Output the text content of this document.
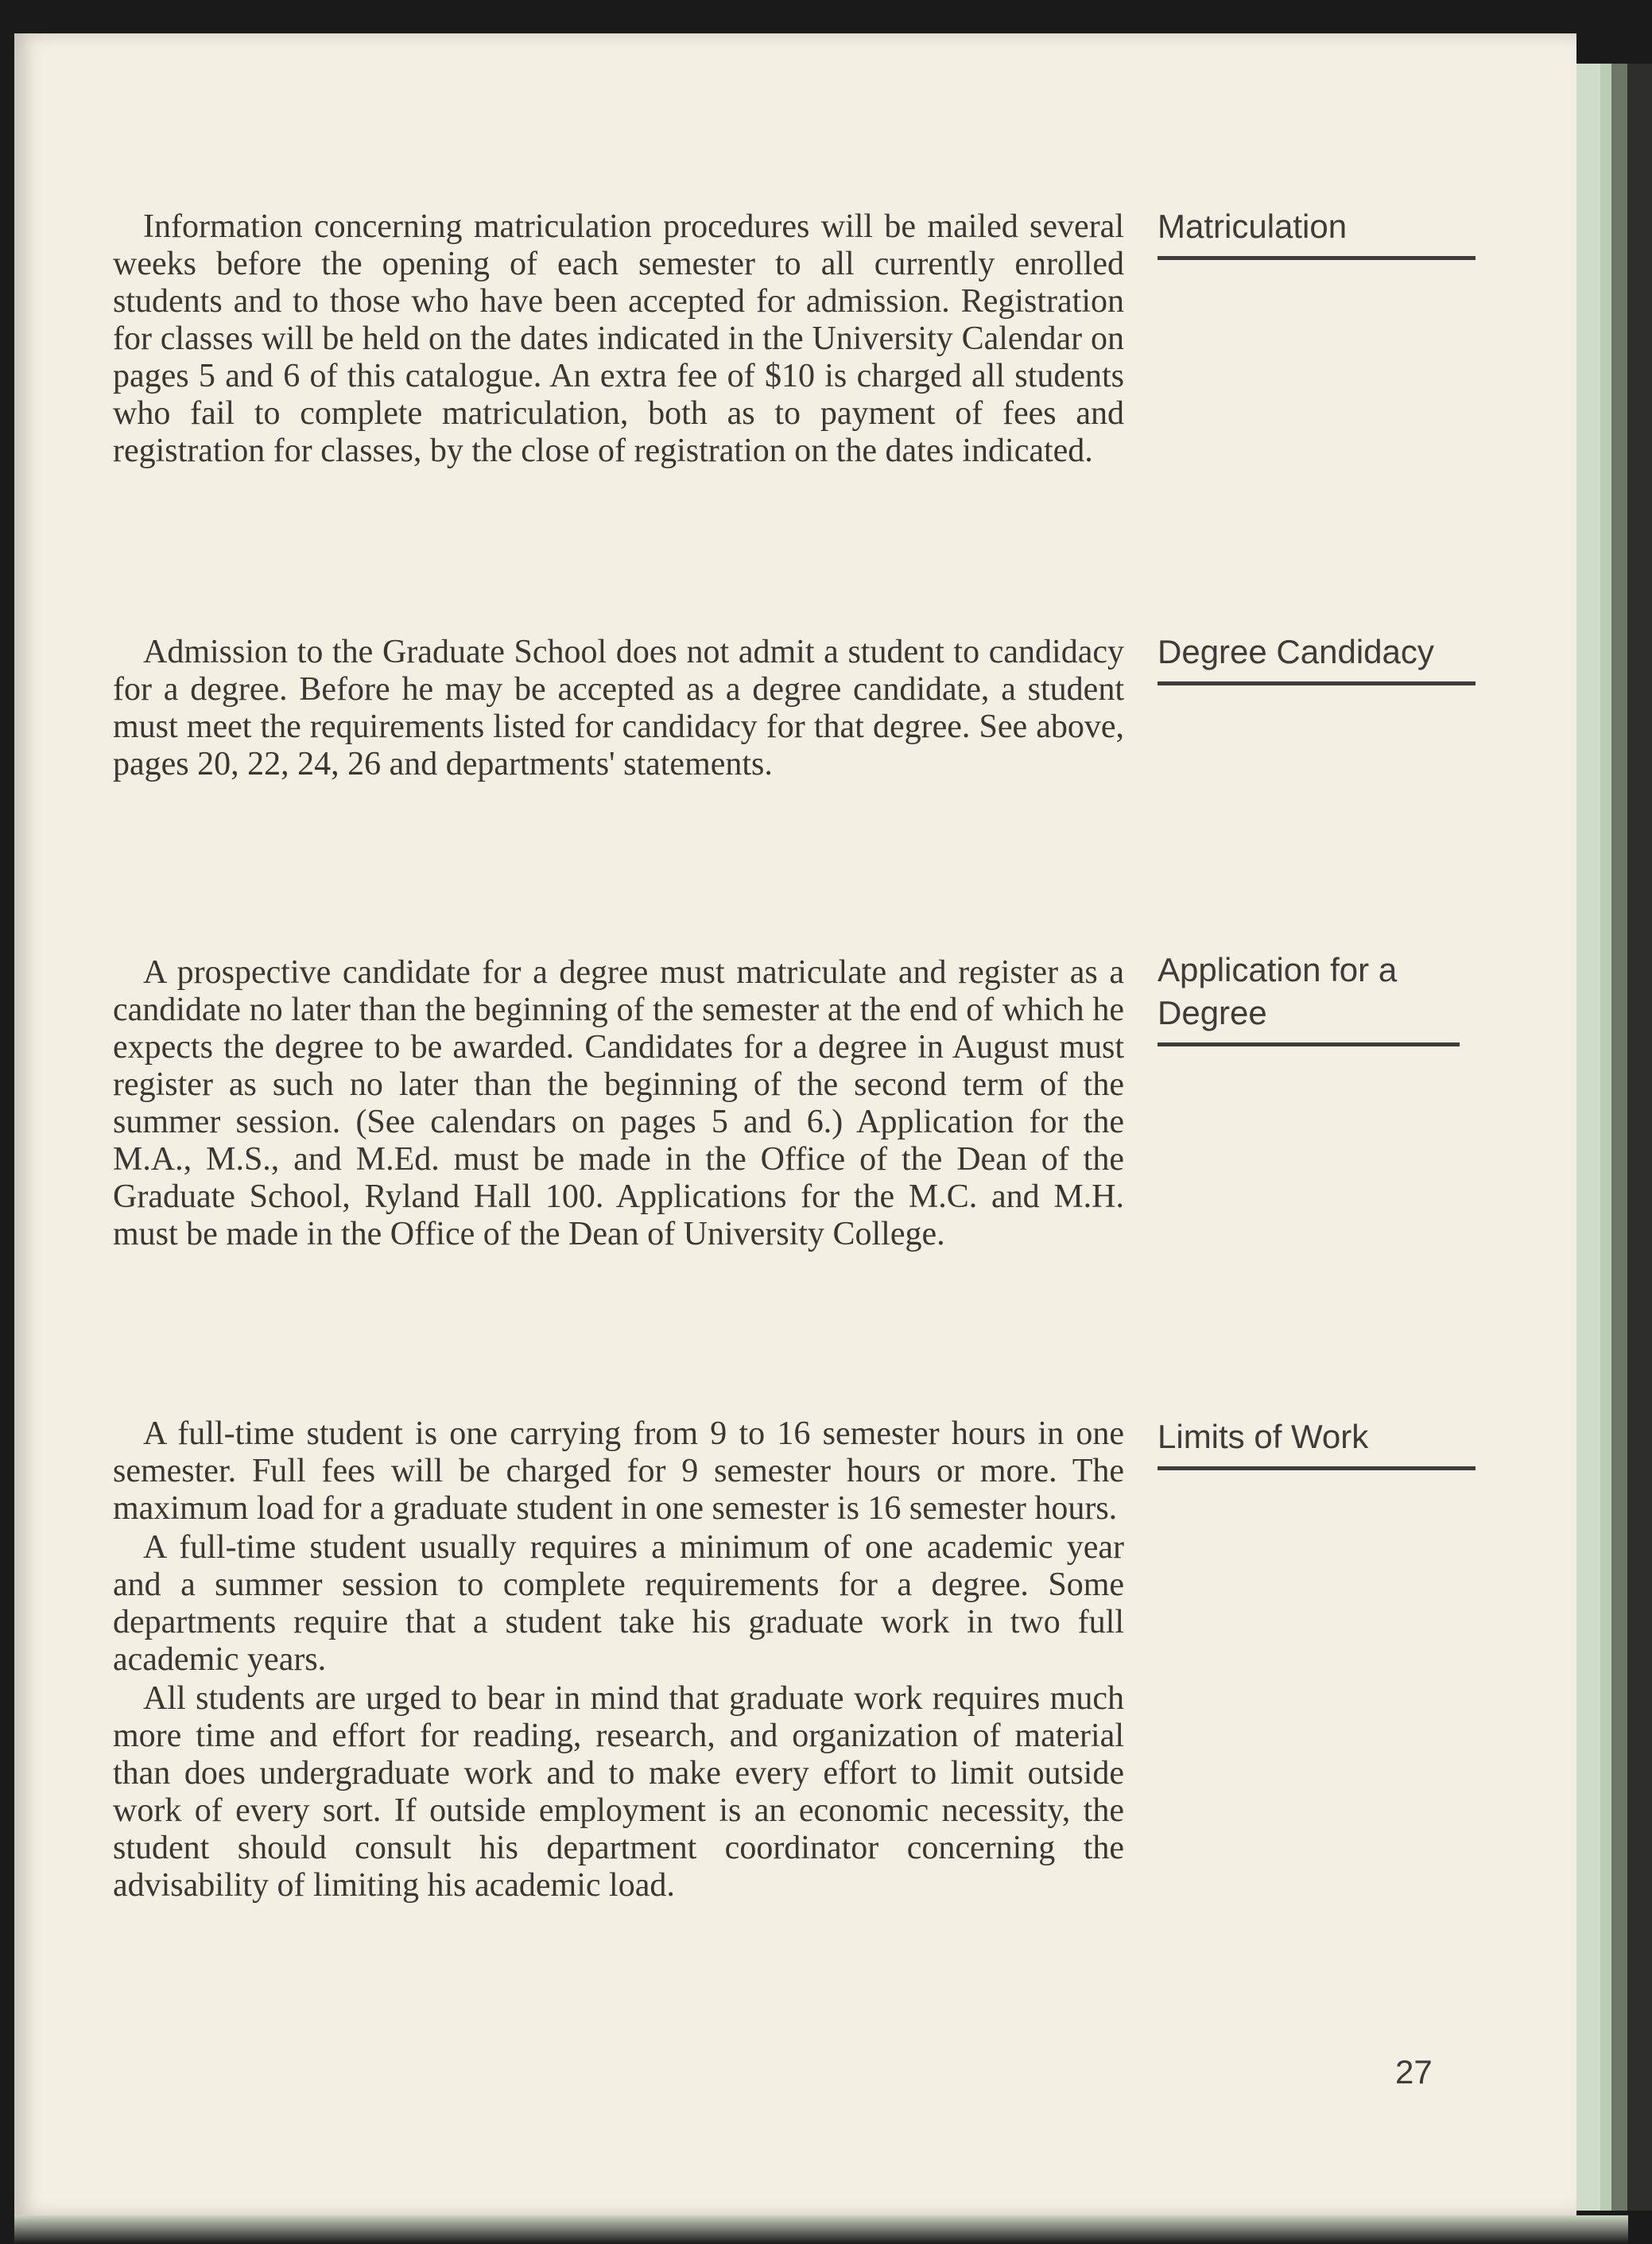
Information concerning matriculation procedures will be mailed several weeks before the opening of each semester to all currently enrolled students and to those who have been accepted for admission. Registration for classes will be held on the dates indicated in the University Calendar on pages 5 and 6 of this catalogue. An extra fee of $10 is charged all students who fail to complete matriculation, both as to payment of fees and registration for classes, by the close of registration on the dates indicated.

Matriculation

Admission to the Graduate School does not admit a student to candidacy for a degree. Before he may be accepted as a degree candidate, a student must meet the requirements listed for candidacy for that degree. See above, pages 20, 22, 24, 26 and departments' statements.

Degree Candidacy

A prospective candidate for a degree must matriculate and register as a candidate no later than the beginning of the semester at the end of which he expects the degree to be awarded. Candidates for a degree in August must register as such no later than the beginning of the second term of the summer session. (See calendars on pages 5 and 6.) Application for the M.A., M.S., and M.Ed. must be made in the Office of the Dean of the Graduate School, Ryland Hall 100. Applications for the M.C. and M.H. must be made in the Office of the Dean of University College.

Application for a Degree

A full-time student is one carrying from 9 to 16 semester hours in one semester. Full fees will be charged for 9 semester hours or more. The maximum load for a graduate student in one semester is 16 semester hours.

A full-time student usually requires a minimum of one academic year and a summer session to complete requirements for a degree. Some departments require that a student take his graduate work in two full academic years.

All students are urged to bear in mind that graduate work requires much more time and effort for reading, research, and organization of material than does undergraduate work and to make every effort to limit outside work of every sort. If outside employment is an economic necessity, the student should consult his department coordinator concerning the advisability of limiting his academic load.

Limits of Work
27
